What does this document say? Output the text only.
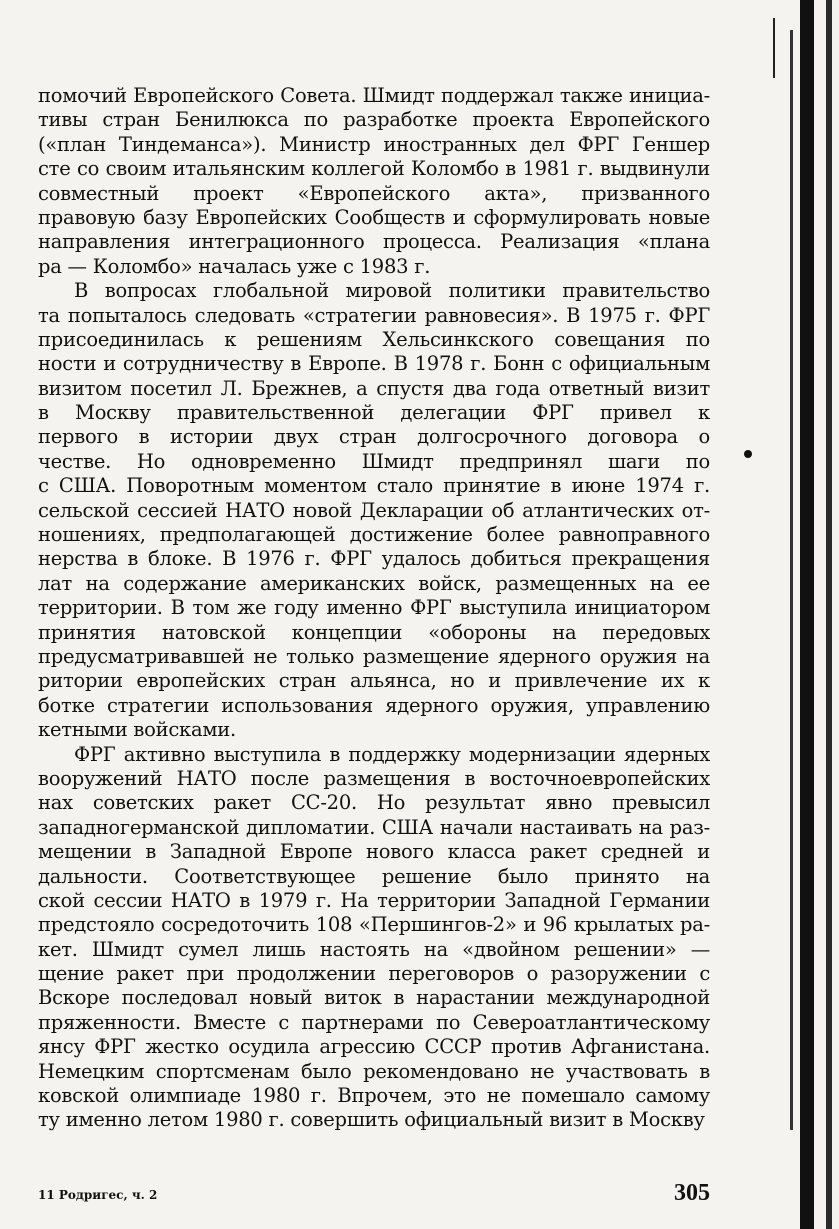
помочий Европейского Совета. Шмидт поддержал также инициа-
тивы стран Бенилюкса по разработке проекта Европейского
(«план Тиндеманса»). Министр иностранных дел ФРГ Геншер
сте со своим итальянским коллегой Коломбо в 1981 г. выдвинули
совместный проект «Европейского акта», призванного
правовую базу Европейских Сообществ и сформулировать новые
направления интеграционного процесса. Реализация «плана
ра — Коломбо» началась уже с 1983 г.

В вопросах глобальной мировой политики правительство
та попыталось следовать «стратегии равновесия». В 1975 г. ФРГ
присоединилась к решениям Хельсинкского совещания по
ности и сотрудничеству в Европе. В 1978 г. Бонн с официальным
визитом посетил Л. Брежнев, а спустя два года ответный визит
в Москву правительственной делегации ФРГ привел к
первого в истории двух стран долгосрочного договора о
честве. Но одновременно Шмидт предпринял шаги по
с США. Поворотным моментом стало принятие в июне 1974 г.
сельской сессией НАТО новой Декларации об атлантических от-
ношениях, предполагающей достижение более равноправного
нерства в блоке. В 1976 г. ФРГ удалось добиться прекращения
лат на содержание американских войск, размещенных на ее
территории. В том же году именно ФРГ выступила инициатором
принятия натовской концепции «обороны на передовых
предусматривавшей не только размещение ядерного оружия на
ритории европейских стран альянса, но и привлечение их к
ботке стратегии использования ядерного оружия, управлению
кетными войсками.

ФРГ активно выступила в поддержку модернизации ядерных
вооружений НАТО после размещения в восточноевропейских
нах советских ракет СС-20. Но результат явно превысил
западногерманской дипломатии. США начали настаивать на раз-
мещении в Западной Европе нового класса ракет средней и
дальности. Соответствующее решение было принято на
ской сессии НАТО в 1979 г. На территории Западной Германии
предстояло сосредоточить 108 «Першингов-2» и 96 крылатых ра-
кет. Шмидт сумел лишь настоять на «двойном решении» —
щение ракет при продолжении переговоров о разоружении с
Вскоре последовал новый виток в нарастании международной
пряженности. Вместе с партнерами по Североатлантическому
янсу ФРГ жестко осудила агрессию СССР против Афганистана.
Немецким спортсменам было рекомендовано не участвовать в
ковской олимпиаде 1980 г. Впрочем, это не помешало самому
ту именно летом 1980 г. совершить официальный визит в Москву

11 Родригес, ч. 2	305
